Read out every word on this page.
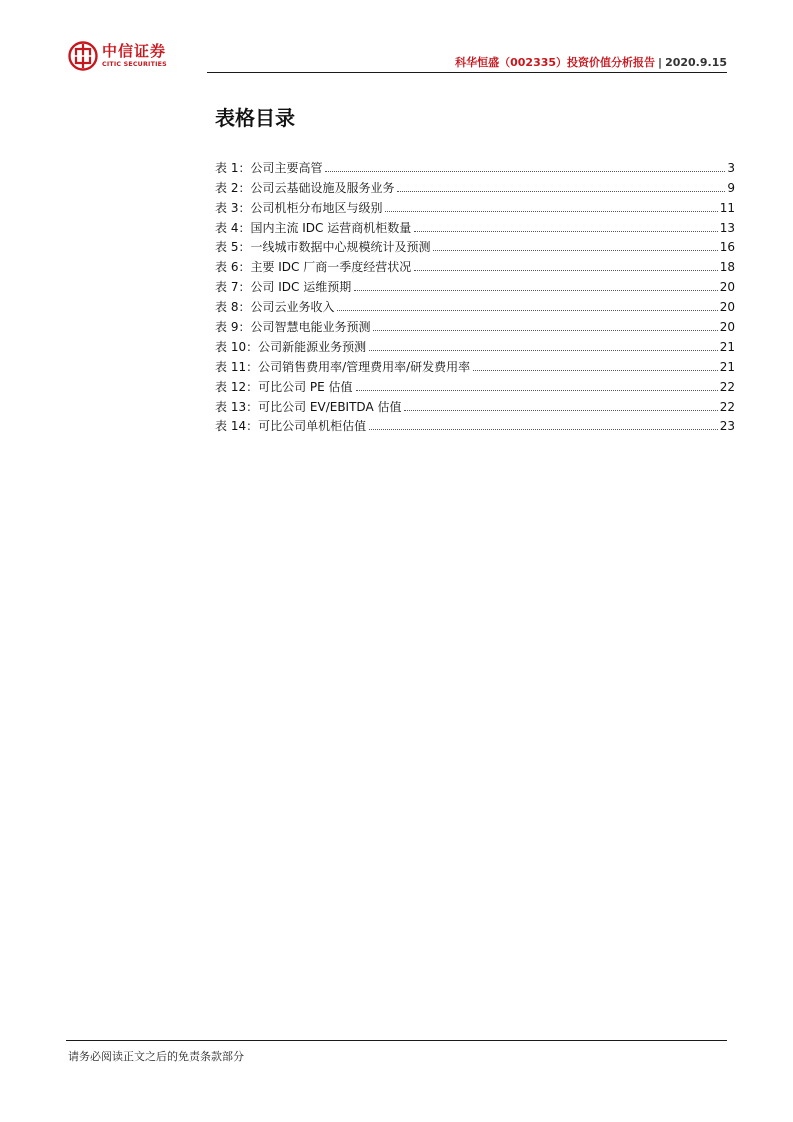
中信证券
CITIC SECURITIES	科华恒盛（002335）投资价值分析报告 | 2020.9.15
表格目录
表 1：公司主要高管	3
表 2：公司云基础设施及服务业务	9
表 3：公司机柜分布地区与级别	11
表 4：国内主流 IDC 运营商机柜数量	13
表 5：一线城市数据中心规模统计及预测	16
表 6：主要 IDC 厂商一季度经营状况	18
表 7：公司 IDC 运维预期	20
表 8：公司云业务收入	20
表 9：公司智慧电能业务预测	20
表 10：公司新能源业务预测	21
表 11：公司销售费用率/管理费用率/研发费用率	21
表 12：可比公司 PE 估值	22
表 13：可比公司 EV/EBITDA 估值	22
表 14：可比公司单机柜估值	23
请务必阅读正文之后的免责条款部分
